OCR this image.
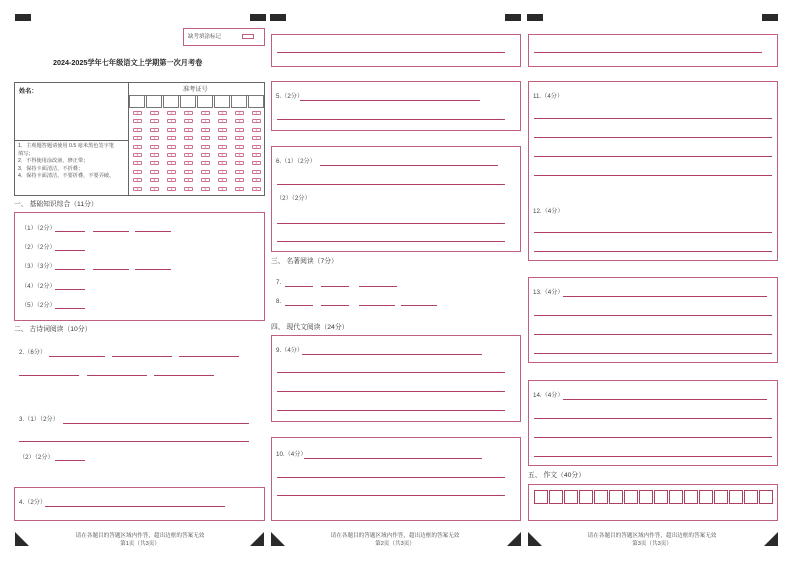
缺考填涂标记
2024-2025学年七年级语文上学期第一次月考卷
姓名：
1．主观题答题请使用 0.5 毫米黑色签字笔
填写；
2．不得使用涂改液、修正带；
3．保持卡面清洁、不折叠；
4．保持卡面清洁，不要折叠，不要弄破。
准考证号
0
1
2
3
4
5
6
7
8
9
0
1
2
3
4
5
6
7
8
9
0
1
2
3
4
5
6
7
8
9
0
1
2
3
4
5
6
7
8
9
0
1
2
3
4
5
6
7
8
9
0
1
2
3
4
5
6
7
8
9
0
1
2
3
4
5
6
7
8
9
0
1
2
3
4
5
6
7
8
9
一、 基础知识综合（11分）
（1）（2分）
（2）（2分）
（3）（3分）
（4）（2分）
（5）（2分）
二、 古诗词阅读（10分）
2.（6分）
3.（1）（2分）
（2）（2分）
4.（2分）
5.（2分）
6.（1）（2分）
（2）（2分）
三、 名著阅读（7分）
7.
8.
四、 现代文阅读（24分）
9.（4分）
10.（4分）
11.（4分）
12.（4分）
13.（4分）
14.（4分）
五、 作文（40分）
请在各题目的答题区域内作答，超出边框的答案无效
第1页（共3页）
请在各题目的答题区域内作答，超出边框的答案无效
第2页（共3页）
请在各题目的答题区域内作答，超出边框的答案无效
第3页（共3页）
